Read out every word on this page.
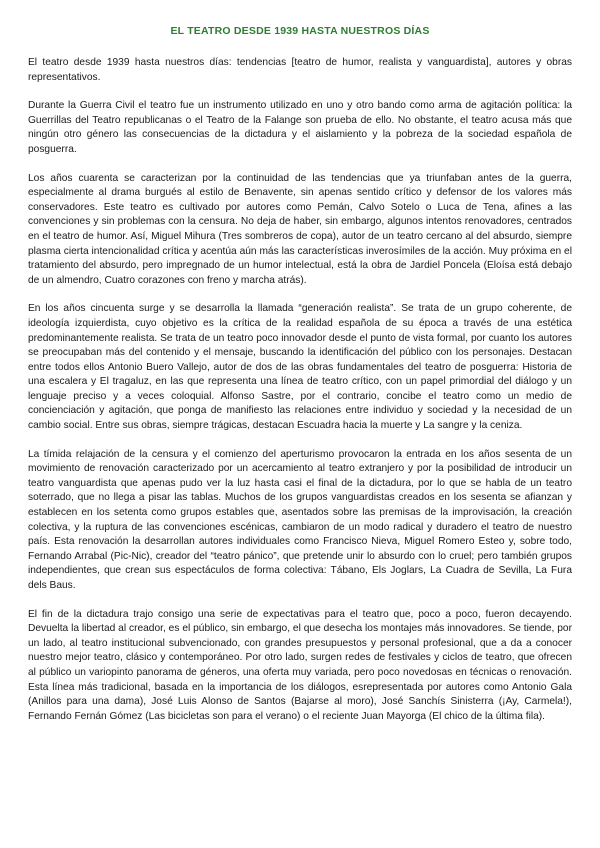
EL TEATRO DESDE 1939 HASTA NUESTROS DÍAS

El teatro desde 1939 hasta nuestros días: tendencias [teatro de humor, realista y vanguardista], autores y obras representativos.

Durante la Guerra Civil el teatro fue un instrumento utilizado en uno y otro bando como arma de agitación política: la Guerrillas del Teatro republicanas o el Teatro de la Falange son prueba de ello. No obstante, el teatro acusa más que ningún otro género las consecuencias de la dictadura y el aislamiento y la pobreza de la sociedad española de posguerra.

Los años cuarenta se caracterizan por la continuidad de las tendencias que ya triunfaban antes de la guerra, especialmente al drama burgués al estilo de Benavente, sin apenas sentido crítico y defensor de los valores más conservadores. Este teatro es cultivado por autores como Pemán, Calvo Sotelo o Luca de Tena, afines a las convenciones y sin problemas con la censura. No deja de haber, sin embargo, algunos intentos renovadores, centrados en el teatro de humor. Así, Miguel Mihura (Tres sombreros de copa), autor de un teatro cercano al del absurdo, siempre plasma cierta intencionalidad crítica y acentúa aún más las características inverosímiles de la acción. Muy próxima en el tratamiento del absurdo, pero impregnado de un humor intelectual, está la obra de Jardiel Poncela (Eloísa está debajo de un almendro, Cuatro corazones con freno y marcha atrás).

En los años cincuenta surge y se desarrolla la llamada “generación realista”. Se trata de un grupo coherente, de ideología izquierdista, cuyo objetivo es la crítica de la realidad española de su época a través de una estética predominantemente realista. Se trata de un teatro poco innovador desde el punto de vista formal, por cuanto los autores se preocupaban más del contenido y el mensaje, buscando la identificación del público con los personajes. Destacan entre todos ellos Antonio Buero Vallejo, autor de dos de las obras fundamentales del teatro de posguerra: Historia de una escalera y El tragaluz, en las que representa una línea de teatro crítico, con un papel primordial del diálogo y un lenguaje preciso y a veces coloquial. Alfonso Sastre, por el contrario, concibe el teatro como un medio de concienciación y agitación, que ponga de manifiesto las relaciones entre individuo y sociedad y la necesidad de un cambio social. Entre sus obras, siempre trágicas, destacan Escuadra hacia la muerte y La sangre y la ceniza.

La tímida relajación de la censura y el comienzo del aperturismo provocaron la entrada en los años sesenta de un movimiento de renovación caracterizado por un acercamiento al teatro extranjero y por la posibilidad de introducir un teatro vanguardista que apenas pudo ver la luz hasta casi el final de la dictadura, por lo que se habla de un teatro soterrado, que no llega a pisar las tablas. Muchos de los grupos vanguardistas creados en los sesenta se afianzan y establecen en los setenta como grupos estables que, asentados sobre las premisas de la improvisación, la creación colectiva, y la ruptura de las convenciones escénicas, cambiaron de un modo radical y duradero el teatro de nuestro país. Esta renovación la desarrollan autores individuales como Francisco Nieva, Miguel Romero Esteo y, sobre todo, Fernando Arrabal (Pic-Nic), creador del “teatro pánico”, que pretende unir lo absurdo con lo cruel; pero también grupos independientes, que crean sus espectáculos de forma colectiva: Tábano, Els Joglars, La Cuadra de Sevilla, La Fura dels Baus.

El fin de la dictadura trajo consigo una serie de expectativas para el teatro que, poco a poco, fueron decayendo. Devuelta la libertad al creador, es el público, sin embargo, el que desecha los montajes más innovadores. Se tiende, por un lado, al teatro institucional subvencionado, con grandes presupuestos y personal profesional, que a da a conocer nuestro mejor teatro, clásico y contemporáneo. Por otro lado, surgen redes de festivales y ciclos de teatro, que ofrecen al público un variopinto panorama de géneros, una oferta muy variada, pero poco novedosas en técnicas o renovación. Esta línea más tradicional, basada en la importancia de los diálogos, esrepresentada por autores como Antonio Gala (Anillos para una dama), José Luis Alonso de Santos (Bajarse al moro), José Sanchís Sinisterra (¡Ay, Carmela!), Fernando Fernán Gómez (Las bicicletas son para el verano) o el reciente Juan Mayorga (El chico de la última fila).
